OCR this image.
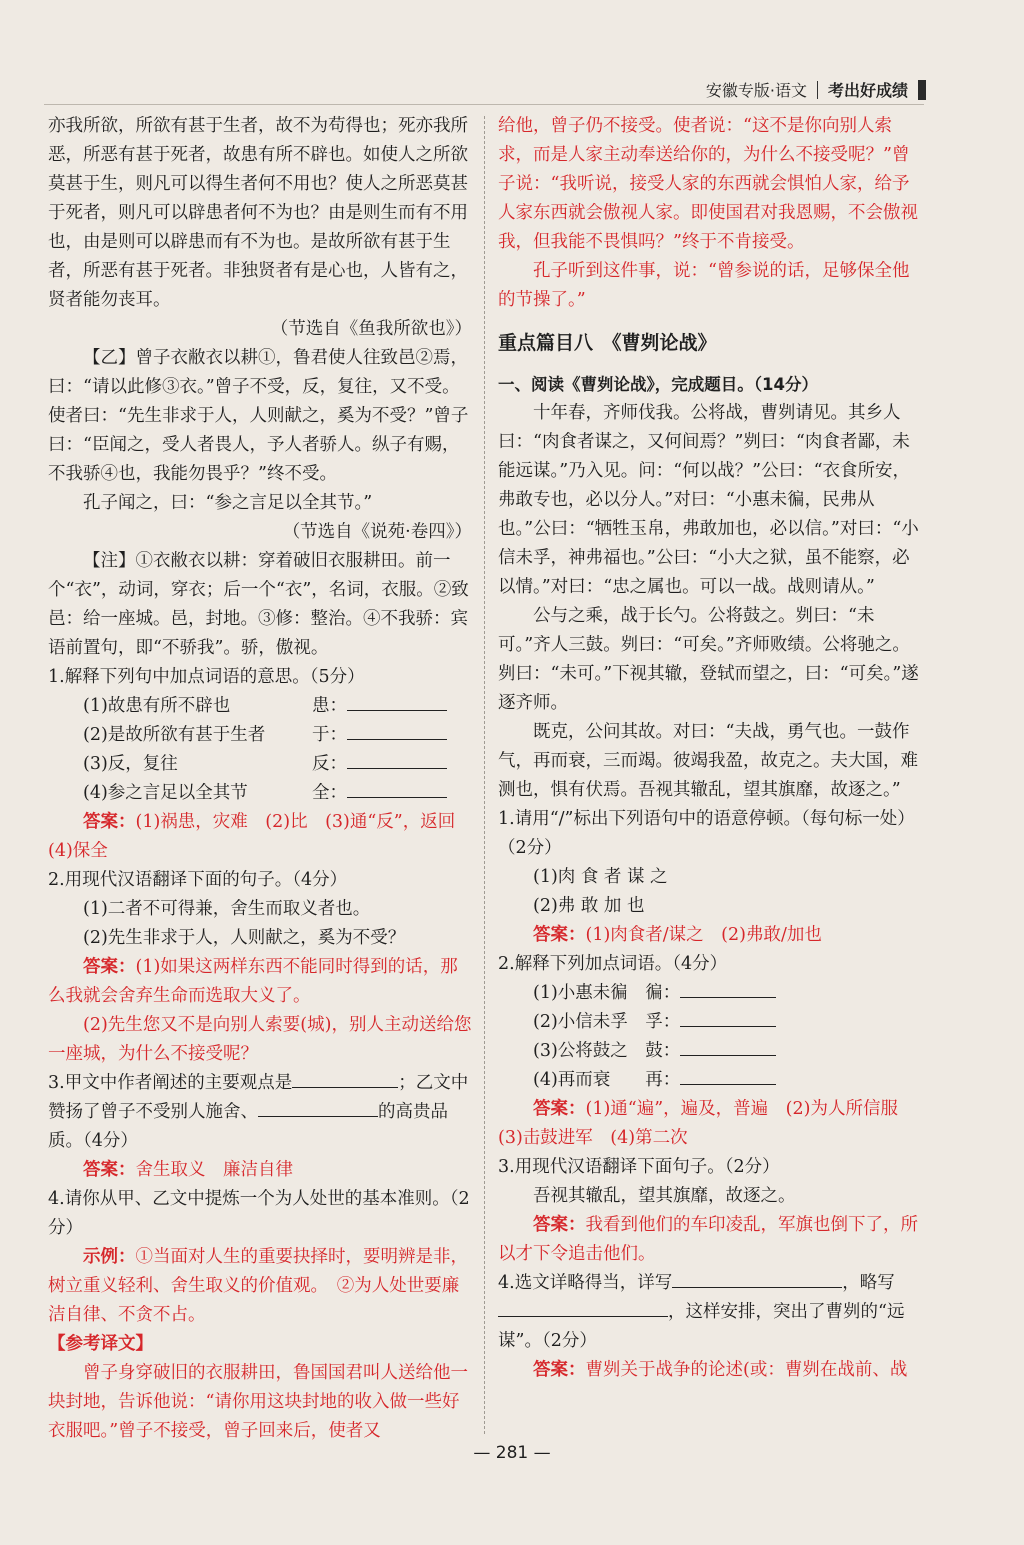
安徽专版·语文 考出好成绩

亦我所欲，所欲有甚于生者，故不为苟得也；死亦我所恶，所恶有甚于死者，故患有所不辟也。如使人之所欲莫甚于生，则凡可以得生者何不用也？使人之所恶莫甚于死者，则凡可以辟患者何不为也？由是则生而有不用也，由是则可以辟患而有不为也。是故所欲有甚于生者，所恶有甚于死者。非独贤者有是心也，人皆有之，贤者能勿丧耳。

（节选自《鱼我所欲也》）

【乙】曾子衣敝衣以耕①，鲁君使人往致邑②焉，曰：“请以此修③衣。”曾子不受，反，复往，又不受。使者曰：“先生非求于人，人则献之，奚为不受？”曾子曰：“臣闻之，受人者畏人，予人者骄人。纵子有赐，不我骄④也，我能勿畏乎？”终不受。

孔子闻之，曰：“参之言足以全其节。”

（节选自《说苑·卷四》）

【注】①衣敝衣以耕：穿着破旧衣服耕田。前一个“衣”，动词，穿衣；后一个“衣”，名词，衣服。②致邑：给一座城。邑，封地。③修：整治。④不我骄：宾语前置句，即“不骄我”。骄，傲视。

1.解释下列句中加点词语的意思。（5分）

(1)故患有所不辟也	患：
(2)是故所欲有甚于生者	于：
(3)反，复往	反：
(4)参之言足以全其节	全：

答案：(1)祸患，灾难　(2)比　(3)通“反”，返回　(4)保全

2.用现代汉语翻译下面的句子。（4分）

(1)二者不可得兼，舍生而取义者也。

(2)先生非求于人，人则献之，奚为不受？

答案：(1)如果这两样东西不能同时得到的话，那么我就会舍弃生命而选取大义了。

(2)先生您又不是向别人索要(城)，别人主动送给您一座城，为什么不接受呢？

3.甲文中作者阐述的主要观点是	；乙文中赞扬了曾子不受别人施舍、	的高贵品质。（4分）

答案：舍生取义　廉洁自律

4.请你从甲、乙文中提炼一个为人处世的基本准则。（2分）

示例：①当面对人生的重要抉择时，要明辨是非，树立重义轻利、舍生取义的价值观。　②为人处世要廉洁自律、不贪不占。

【参考译文】

曾子身穿破旧的衣服耕田，鲁国国君叫人送给他一块封地，告诉他说：“请你用这块封地的收入做一些好衣服吧。”曾子不接受，曾子回来后，使者又

给他，曾子仍不接受。使者说：“这不是你向别人索求，而是人家主动奉送给你的，为什么不接受呢？”曾子说：“我听说，接受人家的东西就会惧怕人家，给予人家东西就会傲视人家。即使国君对我恩赐，不会傲视我，但我能不畏惧吗？”终于不肯接受。

孔子听到这件事，说：“曾参说的话，足够保全他的节操了。”

重点篇目八　《曹刿论战》

一、阅读《曹刿论战》，完成题目。（14分）

十年春，齐师伐我。公将战，曹刿请见。其乡人曰：“肉食者谋之，又何间焉？”刿曰：“肉食者鄙，未能远谋。”乃入见。问：“何以战？”公曰：“衣食所安，弗敢专也，必以分人。”对曰：“小惠未徧，民弗从也。”公曰：“牺牲玉帛，弗敢加也，必以信。”对曰：“小信未孚，神弗福也。”公曰：“小大之狱，虽不能察，必以情。”对曰：“忠之属也。可以一战。战则请从。”

公与之乘，战于长勺。公将鼓之。刿曰：“未可。”齐人三鼓。刿曰：“可矣。”齐师败绩。公将驰之。刿曰：“未可。”下视其辙，登轼而望之，曰：“可矣。”遂逐齐师。

既克，公问其故。对曰：“夫战，勇气也。一鼓作气，再而衰，三而竭。彼竭我盈，故克之。夫大国，难测也，惧有伏焉。吾视其辙乱，望其旗靡，故逐之。”

1.请用“/”标出下列语句中的语意停顿。（每句标一处）（2分）

(1)肉 食 者 谋 之

(2)弗 敢 加 也

答案：(1)肉食者/谋之　(2)弗敢/加也

2.解释下列加点词语。（4分）

(1)小惠未徧　 徧：

(2)小信未孚　 孚：

(3)公将鼓之　 鼓：

(4)再而衰　　 再：

答案：(1)通“遍”，遍及，普遍　(2)为人所信服　(3)击鼓进军　(4)第二次

3.用现代汉语翻译下面句子。（2分）

吾视其辙乱，望其旗靡，故逐之。

答案：我看到他们的车印凌乱，军旗也倒下了，所以才下令追击他们。

4.选文详略得当，详写	，略写，这样安排，突出了曹刿的“远谋”。（2分）

答案：曹刿关于战争的论述(或：曹刿在战前、战

— 281 —
